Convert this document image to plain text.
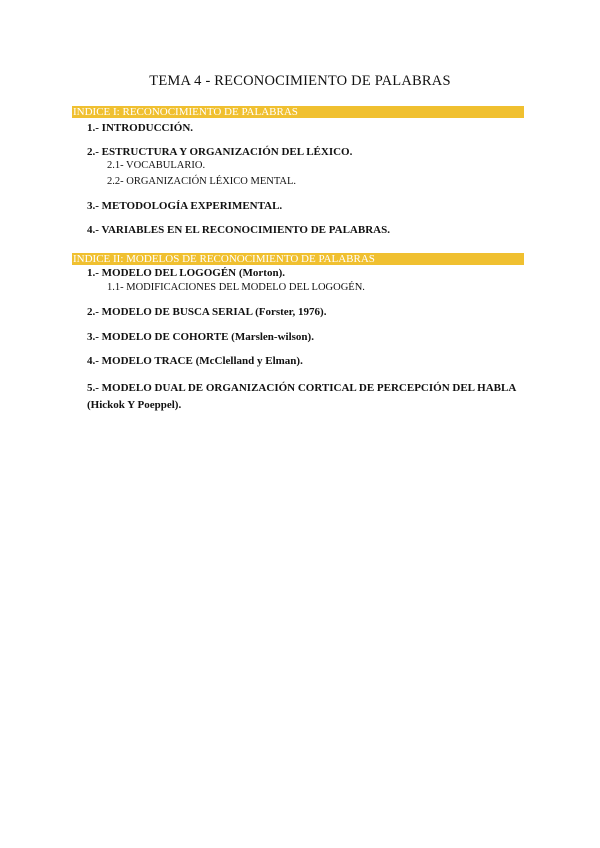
TEMA 4 - RECONOCIMIENTO DE PALABRAS
INDICE I: RECONOCIMIENTO DE PALABRAS
1.- INTRODUCCIÓN.
2.- ESTRUCTURA Y ORGANIZACIÓN DEL LÉXICO.
2.1- VOCABULARIO.
2.2- ORGANIZACIÓN LÉXICO MENTAL.
3.- METODOLOGÍA EXPERIMENTAL.
4.- VARIABLES EN EL RECONOCIMIENTO DE PALABRAS.
INDICE II: MODELOS DE RECONOCIMIENTO DE PALABRAS
1.- MODELO DEL LOGOGÉN (Morton).
1.1- MODIFICACIONES DEL MODELO DEL LOGOGÉN.
2.- MODELO DE BUSCA SERIAL (Forster, 1976).
3.- MODELO DE COHORTE (Marslen-wilson).
4.- MODELO TRACE (McClelland y Elman).
5.- MODELO DUAL DE ORGANIZACIÓN CORTICAL DE PERCEPCIÓN DEL HABLA (Hickok Y Poeppel).
